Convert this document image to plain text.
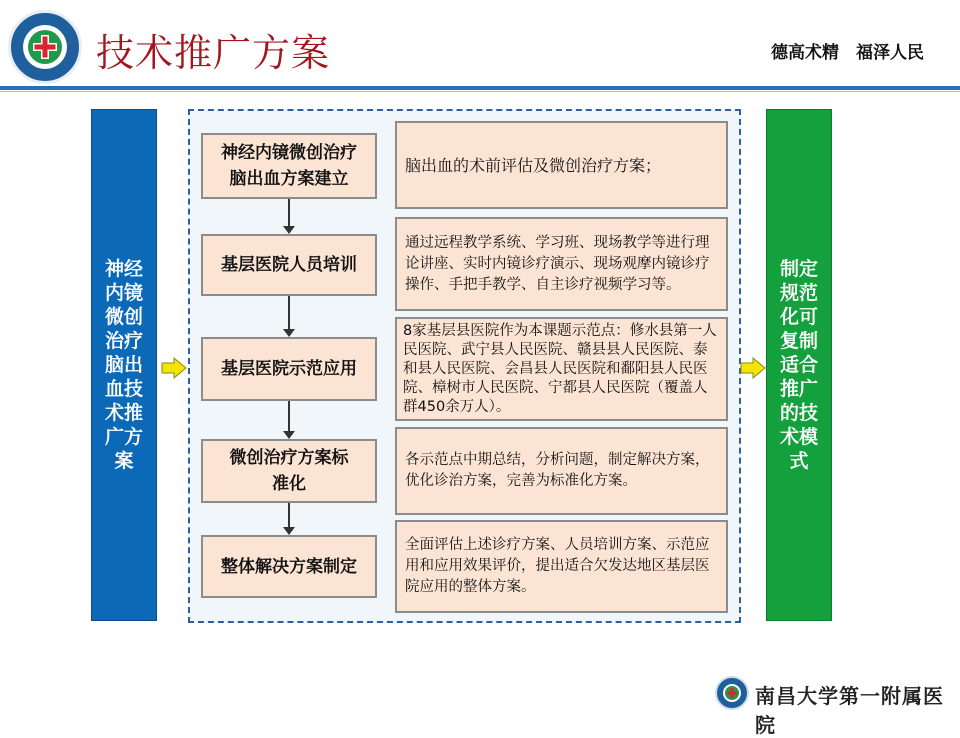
技术推广方案	德高术精　福泽人民
神经内镜微创治疗脑出血技术推广方案
制定规范化可复制适合推广的技术模式
神经内镜微创治疗脑出血方案建立
基层医院人员培训
基层医院示范应用
微创治疗方案标准化
整体解决方案制定
脑出血的术前评估及微创治疗方案；
通过远程教学系统、学习班、现场教学等进行理论讲座、实时内镜诊疗演示、现场观摩内镜诊疗操作、手把手教学、自主诊疗视频学习等。
8家基层县医院作为本课题示范点：修水县第一人民医院、武宁县人民医院、赣县县人民医院、泰和县人民医院、会昌县人民医院和鄱阳县人民医院、樟树市人民医院、宁都县人民医院（覆盖人群450余万人）。
各示范点中期总结，分析问题，制定解决方案，优化诊治方案，完善为标准化方案。
全面评估上述诊疗方案、人员培训方案、示范应用和应用效果评价，提出适合欠发达地区基层医院应用的整体方案。
南昌大学第一附属医院
